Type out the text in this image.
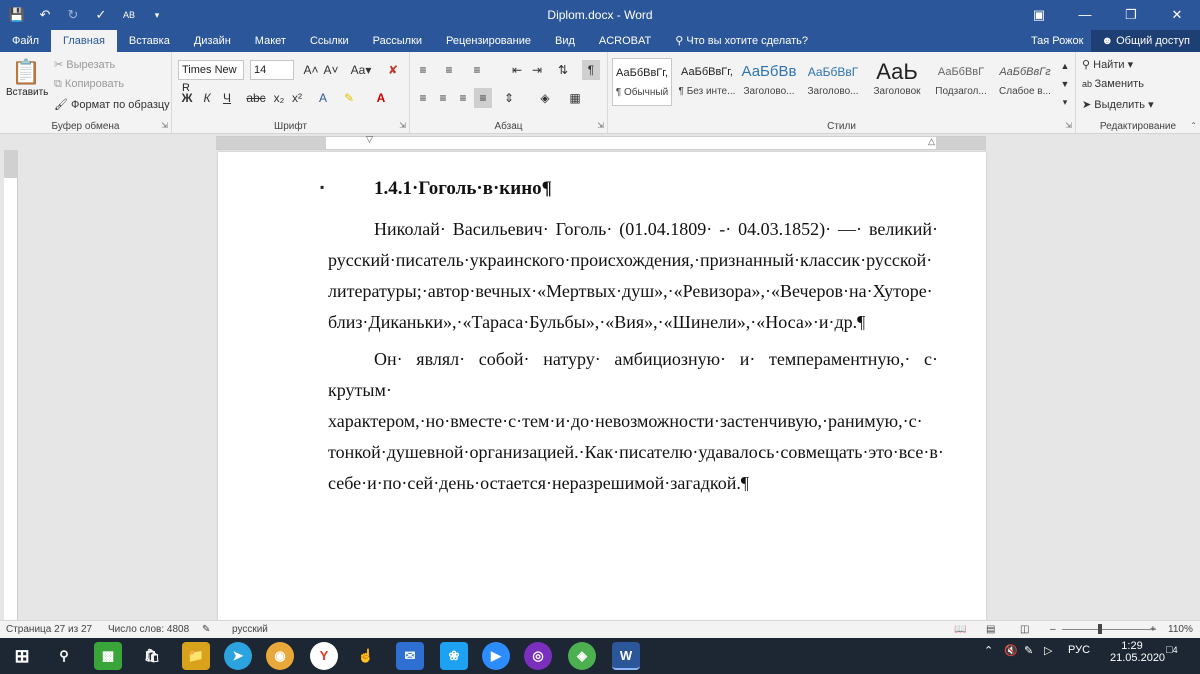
💾	↶	↻	✓	AB	▾	Diplom.docx - Word	▣	—	❐	✕
Файл	Главная	Вставка	Дизайн	Макет	Ссылки	Рассылки	Рецензирование	Вид	ACROBAT	⚲ Что вы хотите сделать?	Тая Рожок	☻ Общий доступ
📋
Вставить
✂ Вырезать
⧉ Копировать
🖌 Формат по образцу
Буфер обмена	⇲
Times New R
14	A˄ A˅ Aa▾	✘
Ж К	Ч	abc x₂ x²	A	✎	A
Шрифт	⇲
≡	≡	≡	⇤ ⇥	⇅	¶
≡	≡	≡	≡	⇕	◈	▦
Абзац	⇲
АаБбВвГг,
¶ Обычный
АаБбВвГг,
¶ Без инте...
АаБбВв
Заголово...
АаБбВвГ
Заголово...
АаЬ
Заголовок
АаБбВвГ
Подзагол...
АаБбВвГг
Слабое в...
▲
▼
▾
Стили	⇲
⚲ Найти ▾
ab Заменить
➤ Выделить ▾
Редактирование	⌃
▽	△
▪	1.4.1·Гоголь·в·кино¶
Николай· Васильевич· Гоголь· (01.04.1809· -· 04.03.1852)· —· великий· русский·писатель·украинского·происхождения,·признанный·классик·русской· литературы;·автор·вечных·«Мертвых·душ»,·«Ревизора»,·«Вечеров·на·Хуторе· близ·Диканьки»,·«Тараса·Бульбы»,·«Вия»,·«Шинели»,·«Носа»·и·др.¶
Он· являл· собой· натуру· амбициозную· и· темпераментную,· с· крутым· характером,·но·вместе·с·тем·и·до·невозможности·застенчивую,·ранимую,·с· тонкой·душевной·организацией.·Как·писателю·удавалось·совмещать·это·все·в· себе·и·по·сей·день·остается·неразрешимой·загадкой.¶
Страница 27 из 27 Число слов: 4808 ✎ русский	📖 ▤ ◫ –	+ 110%
⊞	⚲	▩	🛍	📁	➤	◉	Y	☝	✉	❀	▶	◎	◈	W	⌃ 🔇 ✎ ▷ РУС	1:29
21.05.2020
□4
